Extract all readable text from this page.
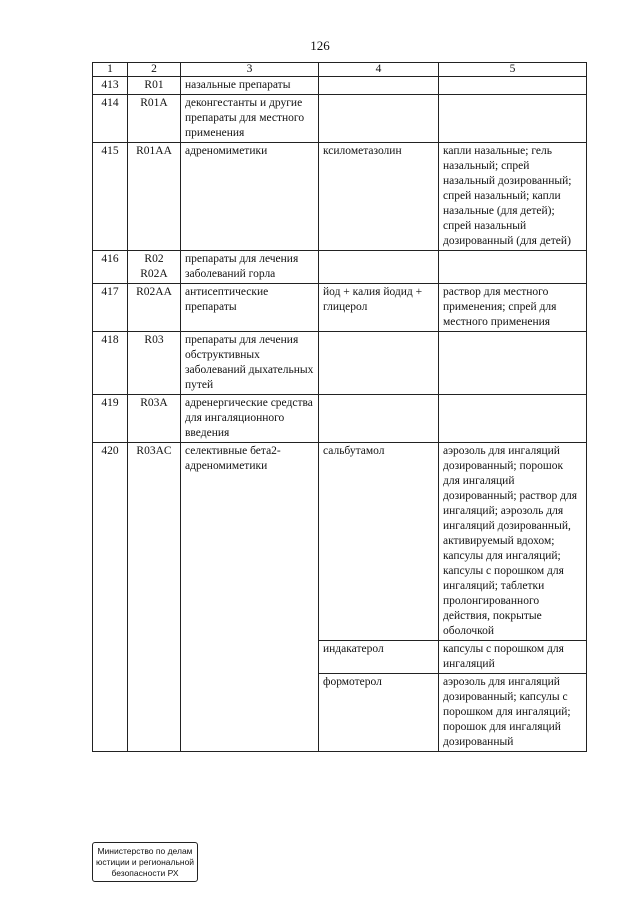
126
1	2	3	4	5
413	R01	назальные препараты		
414	R01A	деконгестанты и другие препараты для местного применения		
415	R01AA	адреномиметики	ксилометазолин	капли назальные; гель назальный; спрей назальный дозированный; спрей назальный; капли назальные (для детей); спрей назальный дозированный (для детей)
416	R02 R02A	препараты для лечения заболеваний горла		
417	R02AA	антисептические препараты	йод + калия йодид + глицерол	раствор для местного применения; спрей для местного применения
418	R03	препараты для лечения обструктивных заболеваний дыхательных путей		
419	R03A	адренергические средства для ингаляционного введения		
420	R03AC	селективные бета2-адреномиметики	сальбутамол	аэрозоль для ингаляций дозированный; порошок для ингаляций дозированный; раствор для ингаляций; аэрозоль для ингаляций дозированный, активируемый вдохом; капсулы для ингаляций; капсулы с порошком для ингаляций; таблетки пролонгированного действия, покрытые оболочкой
			индакатерол	капсулы с порошком для ингаляций
			формотерол	аэрозоль для ингаляций дозированный; капсулы с порошком для ингаляций; порошок для ингаляций дозированный
Министерство по делам
юстиции и региональной
безопасности РХ
